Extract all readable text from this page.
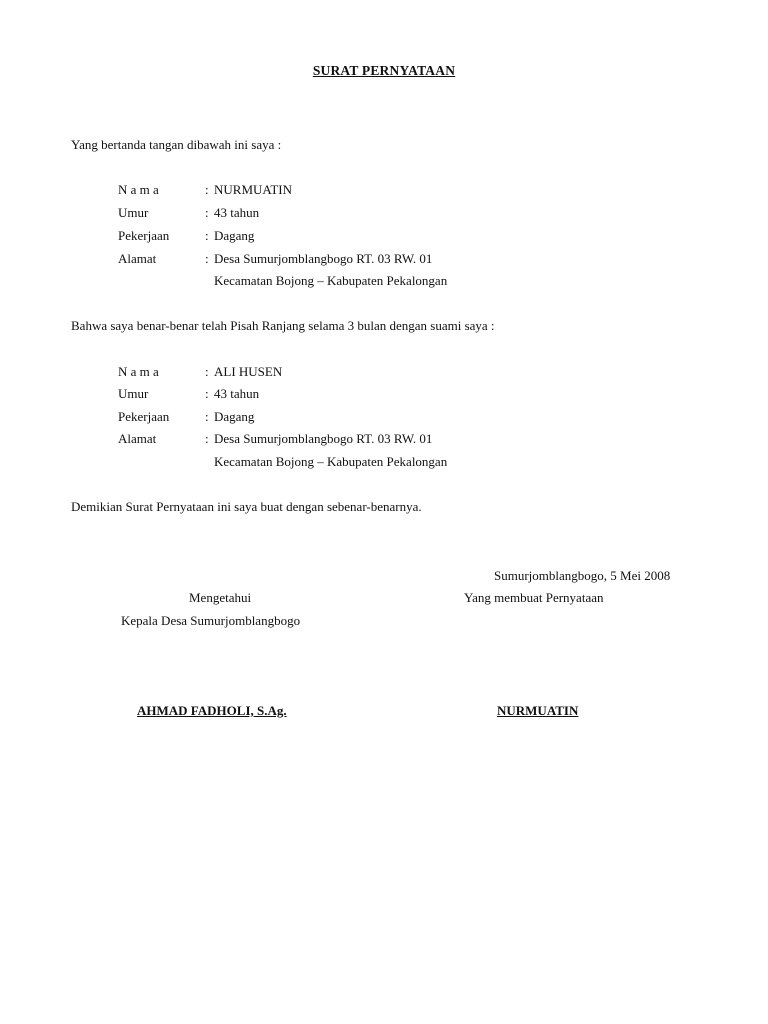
SURAT PERNYATAAN
Yang bertanda tangan dibawah ini saya :
N a m a	: NURMUATIN
Umur	: 43 tahun
Pekerjaan	: Dagang
Alamat	: Desa Sumurjomblangbogo RT. 03 RW. 01
Kecamatan Bojong – Kabupaten Pekalongan
Bahwa saya benar-benar telah Pisah Ranjang selama 3 bulan dengan suami saya :
N a m a	: ALI HUSEN
Umur	: 43 tahun
Pekerjaan	: Dagang
Alamat	: Desa Sumurjomblangbogo RT. 03 RW. 01
Kecamatan Bojong – Kabupaten Pekalongan
Demikian Surat Pernyataan ini saya buat dengan sebenar-benarnya.
Sumurjomblangbogo, 5 Mei 2008
Mengetahui
Kepala Desa Sumurjomblangbogo
AHMAD FADHOLI, S.Ag.
Yang membuat Pernyataan
NURMUATIN
